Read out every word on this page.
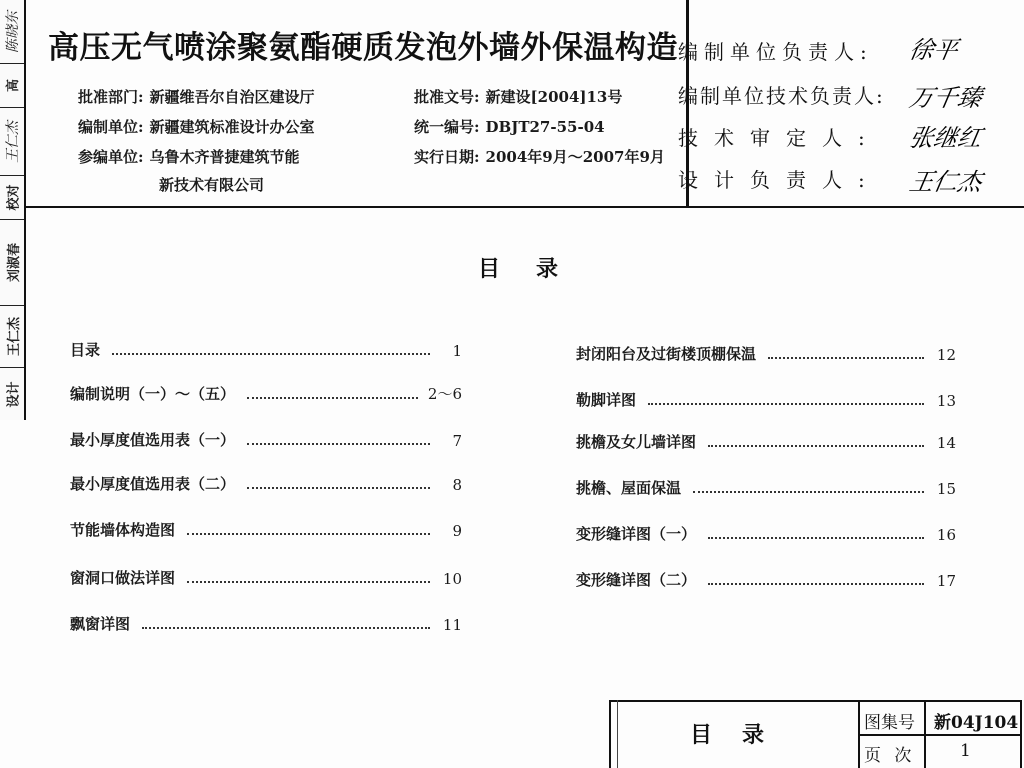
陈晓东
高
王仁杰
校对
刘淑春
王仁杰
设计
高压无气喷涂聚氨酯硬质发泡外墙外保温构造
批准部门: 新疆维吾尔自治区建设厅
编制单位: 新疆建筑标准设计办公室
参编单位: 乌鲁木齐普捷建筑节能
新技术有限公司
批准文号: 新建设[2004]13号
统一编号: DBJT27-55-04
实行日期: 2004年9月～2007年9月
编制单位负责人: 徐平
编制单位技术负责人: 万千臻
技术审定人: 张继红
设计负责人: 王仁杰
目录
目录	1
编制说明（一）～（五）	2～6
最小厚度值选用表（一）	7
最小厚度值选用表（二）	8
节能墙体构造图	9
窗洞口做法详图	10
飘窗详图	11
封闭阳台及过街楼顶棚保温	12
勒脚详图	13
挑檐及女儿墙详图	14
挑檐、屋面保温	15
变形缝详图（一）	16
变形缝详图（二）	17
目录	图集号 新04J104
页 次	1
